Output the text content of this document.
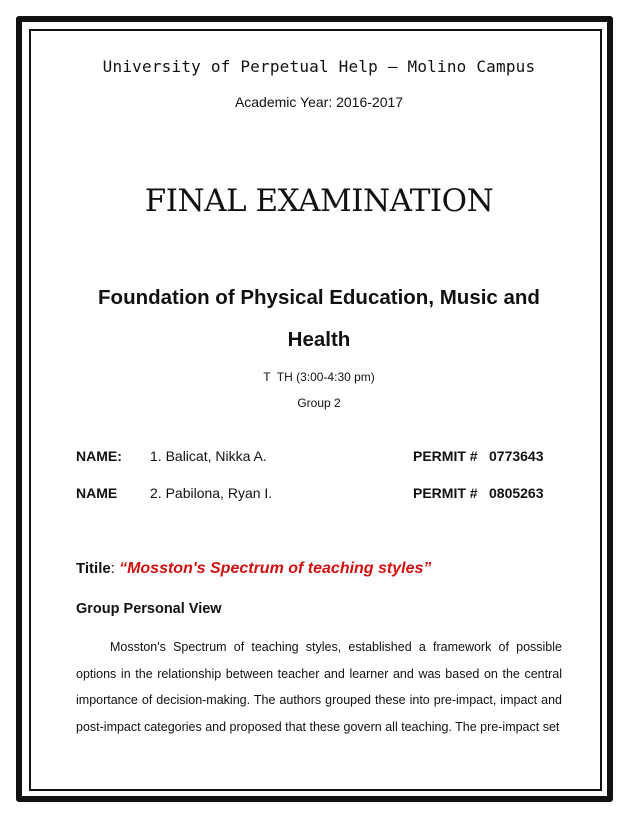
University of Perpetual Help – Molino Campus
Academic Year: 2016-2017
FINAL EXAMINATION
Foundation of Physical Education, Music and
Health
T  TH (3:00-4:30 pm)
Group 2
NAME: 1. Balicat, Nikka A.	PERMIT # 0773643
NAME 2. Pabilona, Ryan I.	PERMIT # 0805263
Titile: “Mosston's Spectrum of teaching styles”
Group Personal View
Mosston's Spectrum of teaching styles, established a framework of possible options in the relationship between teacher and learner and was based on the central importance of decision-making. The authors grouped these into pre-impact, impact and post-impact categories and proposed that these govern all teaching. The pre-impact set
